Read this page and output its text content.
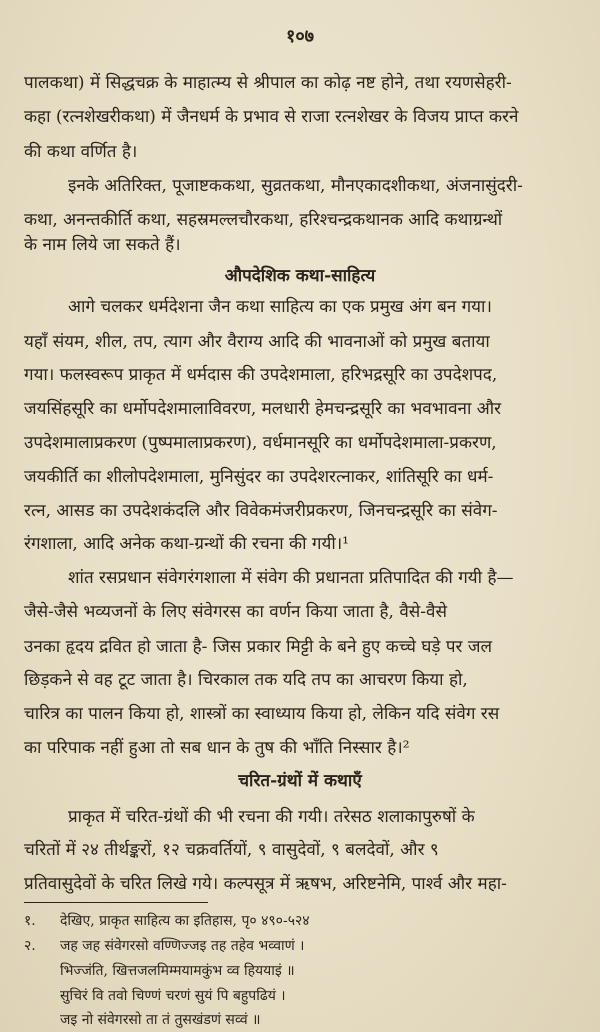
१०७
पालकथा) में सिद्धचक्र के माहात्म्य से श्रीपाल का कोढ़ नष्ट होने, तथा रयणसेहरी-
कहा (रत्नशेखरीकथा) में जैनधर्म के प्रभाव से राजा रत्नशेखर के विजय प्राप्त करने
की कथा वर्णित है।
इनके अतिरिक्त, पूजाष्टककथा, सुव्रतकथा, मौनएकादशीकथा, अंजनासुंदरी-
कथा, अनन्तकीर्ति कथा, सहस्रमल्लचौरकथा, हरिश्चन्द्रकथानक आदि कथाग्रन्थों
के नाम लिये जा सकते हैं।
औपदेशिक कथा-साहित्य
आगे चलकर धर्मदेशना जैन कथा साहित्य का एक प्रमुख अंग बन गया।
यहाँ संयम, शील, तप, त्याग और वैराग्य आदि की भावनाओं को प्रमुख बताया
गया। फलस्वरूप प्राकृत में धर्मदास की उपदेशमाला, हरिभद्रसूरि का उपदेशपद,
जयसिंहसूरि का धर्मोपदेशमालाविवरण, मलधारी हेमचन्द्रसूरि का भवभावना और
उपदेशमालाप्रकरण (पुष्पमालाप्रकरण), वर्धमानसूरि का धर्मोपदेशमाला-प्रकरण,
जयकीर्ति का शीलोपदेशमाला, मुनिसुंदर का उपदेशरत्नाकर, शांतिसूरि का धर्म-
रत्न, आसड का उपदेशकंदलि और विवेकमंजरीप्रकरण, जिनचन्द्रसूरि का संवेग-
रंगशाला, आदि अनेक कथा-ग्रन्थों की रचना की गयी।¹
शांत रसप्रधान संवेगरंगशाला में संवेग की प्रधानता प्रतिपादित की गयी है—
जैसे-जैसे भव्यजनों के लिए संवेगरस का वर्णन किया जाता है, वैसे-वैसे
उनका हृदय द्रवित हो जाता है- जिस प्रकार मिट्टी के बने हुए कच्चे घड़े पर जल
छिड़कने से वह टूट जाता है। चिरकाल तक यदि तप का आचरण किया हो,
चारित्र का पालन किया हो, शास्त्रों का स्वाध्याय किया हो, लेकिन यदि संवेग रस
का परिपाक नहीं हुआ तो सब धान के तुष की भाँति निस्सार है।²
चरित-ग्रंथों में कथाएँ
प्राकृत में चरित-ग्रंथों की भी रचना की गयी। तरेसठ शलाकापुरुषों के
चरितों में २४ तीर्थङ्करों, १२ चक्रवर्तियों, ९ वासुदेवों, ९ बलदेवों, और ९
प्रतिवासुदेवों के चरित लिखे गये। कल्पसूत्र में ऋषभ, अरिष्टनेमि, पार्श्व और महा-
१. देखिए, प्राकृत साहित्य का इतिहास, पृ० ४९०-५२४
२. जह जह संवेगरसो वण्णिज्जइ तह तहेव भव्वाणं ।
भिज्जंति, खित्तजलमिम्मयामकुंभ व्व हिययाइं ॥
सुचिरं वि तवो चिण्णं चरणं सुयं पि बहुपढियं ।
जइ नो संवेगरसो ता तं तुसखंडणं सव्वं ॥
